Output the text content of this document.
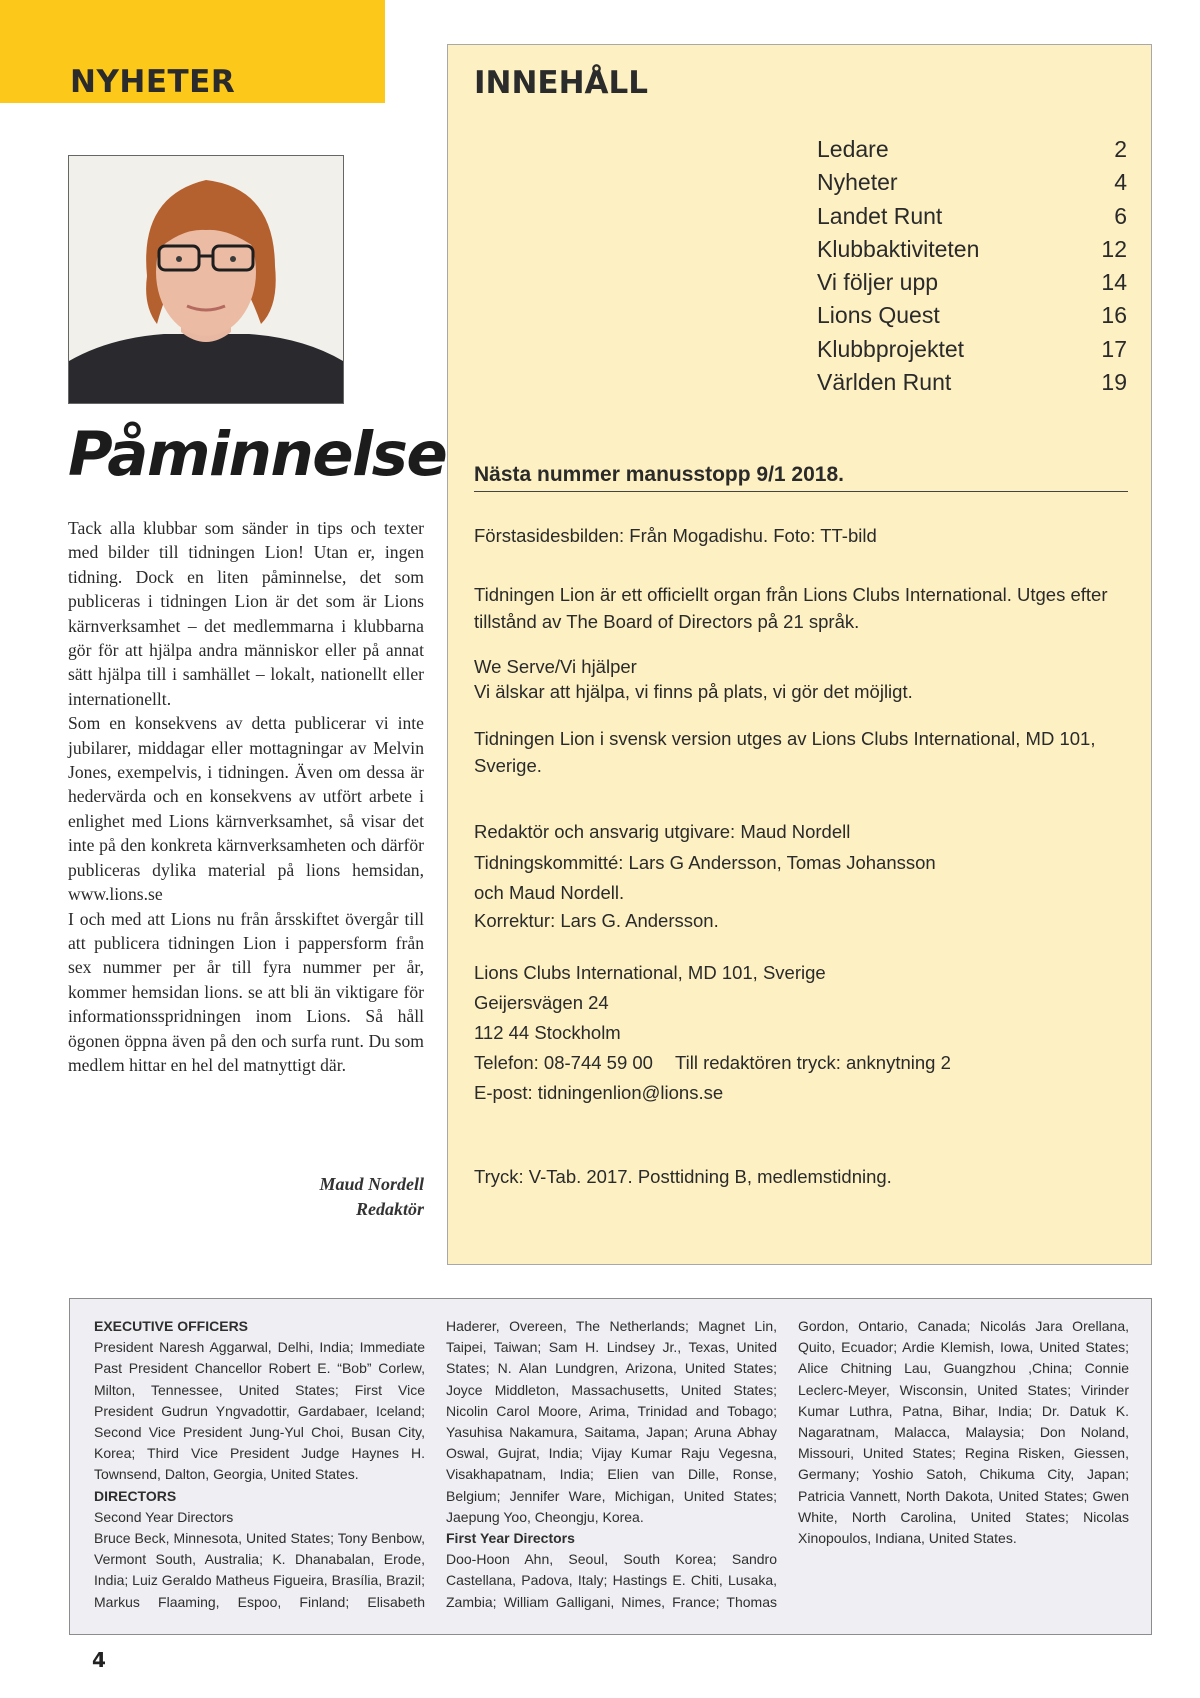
NYHETER
Påminnelse

Tack alla klubbar som sänder in tips och texter med bilder till tidningen Lion! Utan er, ingen tidning. Dock en liten påminnelse, det som publiceras i tidningen Lion är det som är Lions kärnverksamhet – det medlemmarna i klubbarna gör för att hjälpa andra människor eller på annat sätt hjälpa till i samhället – lokalt, nationellt eller internationellt.

Som en konsekvens av detta publicerar vi inte jubilarer, middagar eller mottagningar av Melvin Jones, exempelvis, i tidningen. Även om dessa är hedervärda och en konsekvens av utfört arbete i enlighet med Lions kärnverksamhet, så visar det inte på den konkreta kärnverksamheten och därför publiceras dylika material på lions hemsidan, www.lions.se

I och med att Lions nu från årsskiftet övergår till att publicera tidningen Lion i pappersform från sex nummer per år till fyra nummer per år, kommer hemsidan lions. se att bli än viktigare för informationsspridningen inom Lions. Så håll ögonen öppna även på den och surfa runt. Du som medlem hittar en hel del matnyttigt där.

Maud Nordell
Redaktör
INNEHÅLL
Ledare	2
Nyheter	4
Landet Runt	6
Klubbaktiviteten	12
Vi följer upp	14
Lions Quest	16
Klubbprojektet	17
Världen Runt	19
Nästa nummer manusstopp 9/1 2018.
Förstasidesbilden: Från Mogadishu. Foto: TT-bild
Tidningen Lion är ett officiellt organ från Lions Clubs International. Utges efter tillstånd av The Board of Directors på 21 språk.
We Serve/Vi hjälper
Vi älskar att hjälpa, vi finns på plats, vi gör det möjligt.
Tidningen Lion i svensk version utges av Lions Clubs International, MD 101, Sverige.
Redaktör och ansvarig utgivare: Maud Nordell
Tidningskommitté: Lars G Andersson, Tomas Johansson
och Maud Nordell.
Korrektur: Lars G. Andersson.
Lions Clubs International, MD 101, Sverige
Geijersvägen 24
112 44 Stockholm
Telefon: 08-744 59 00 Till redaktören tryck: anknytning 2
E-post: tidningenlion@lions.se
Tryck: V-Tab. 2017. Posttidning B, medlemstidning.
EXECUTIVE OFFICERS
President Naresh Aggarwal, Delhi, India; Immediate Past President Chancellor Robert E. “Bob” Corlew, Milton, Tennessee, United States; First Vice President Gudrun Yngvadottir, Gardabaer, Iceland; Second Vice President Jung-Yul Choi, Busan City, Korea; Third Vice President Judge Haynes H. Townsend, Dalton, Georgia, United States.
DIRECTORS
Second Year Directors
Bruce Beck, Minnesota, United States; Tony Benbow, Vermont South, Australia; K. Dhanabalan, Erode, India; Luiz Geraldo Matheus Figueira, Brasília, Brazil; Markus Flaaming, Espoo, Finland; Elisabeth Haderer, Overeen, The Netherlands; Magnet Lin, Taipei, Taiwan; Sam H. Lindsey Jr., Texas, United States; N. Alan Lundgren, Arizona, United States; Joyce Middleton, Massachusetts, United States; Nicolin Carol Moore, Arima, Trinidad and Tobago; Yasuhisa Nakamura, Saitama, Japan; Aruna Abhay Oswal, Gujrat, India; Vijay Kumar Raju Vegesna, Visakhapatnam, India; Elien van Dille, Ronse, Belgium; Jennifer Ware, Michigan, United States; Jaepung Yoo, Cheongju, Korea.
First Year Directors
Doo-Hoon Ahn, Seoul, South Korea; Sandro Castellana, Padova, Italy; Hastings E. Chiti, Lusaka, Zambia; William Galligani, Nimes, France; Thomas Gordon, Ontario, Canada; Nicolás Jara Orellana, Quito, Ecuador; Ardie Klemish, Iowa, United States; Alice Chitning Lau, Guangzhou ,China; Connie Leclerc-Meyer, Wisconsin, United States; Virinder Kumar Luthra, Patna, Bihar, India; Dr. Datuk K. Nagaratnam, Malacca, Malaysia; Don Noland, Missouri, United States; Regina Risken, Giessen, Germany; Yoshio Satoh, Chikuma City, Japan; Patricia Vannett, North Dakota, United States; Gwen White, North Carolina, United States; Nicolas Xinopoulos, Indiana, United States.
4
